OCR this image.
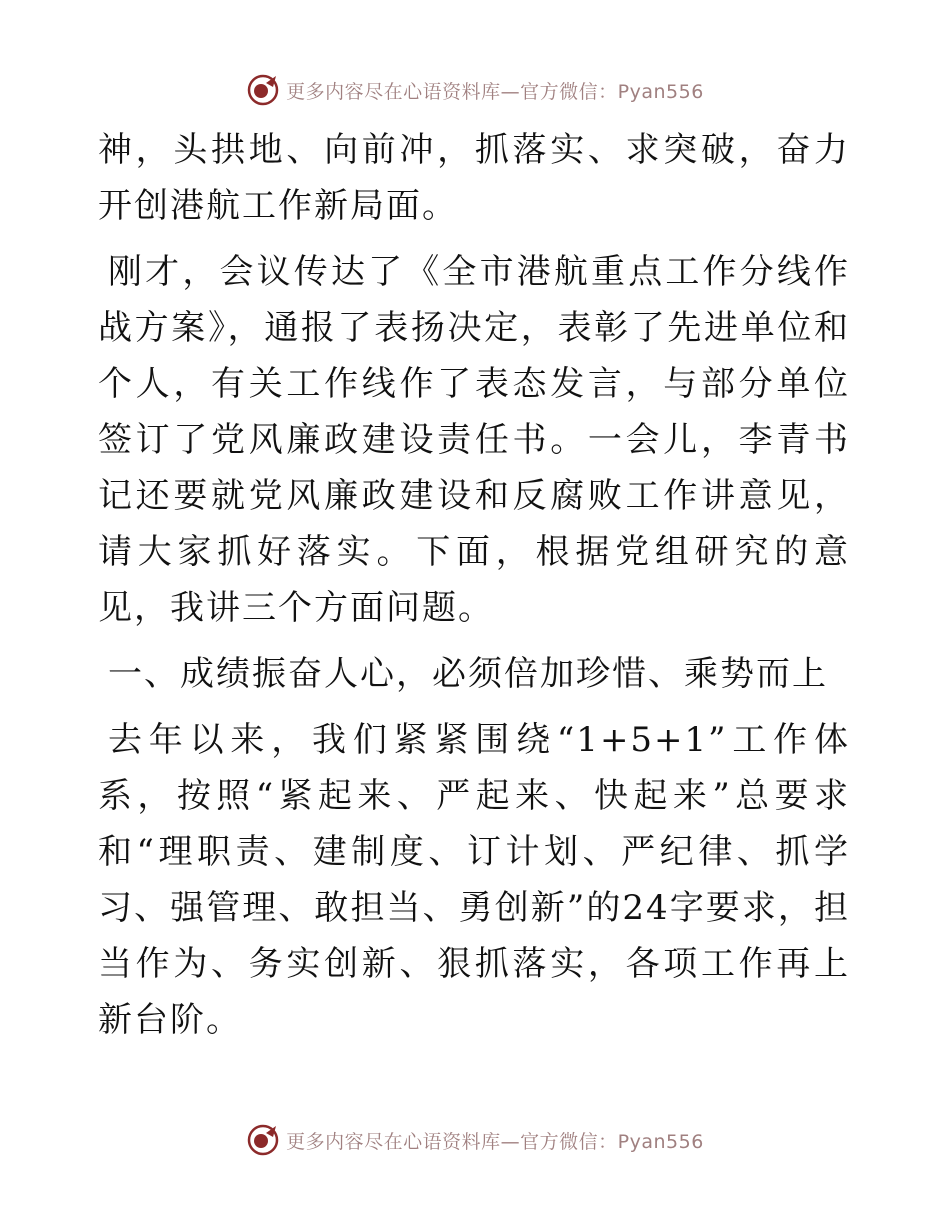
更多内容尽在心语资料库—官方微信：Pyan556

神，头拱地、向前冲，抓落实、求突破，奋力开创港航工作新局面。

刚才，会议传达了《全市港航重点工作分线作战方案》，通报了表扬决定，表彰了先进单位和个人，有关工作线作了表态发言，与部分单位签订了党风廉政建设责任书。一会儿，李青书记还要就党风廉政建设和反腐败工作讲意见，请大家抓好落实。下面，根据党组研究的意见，我讲三个方面问题。

一、成绩振奋人心，必须倍加珍惜、乘势而上

去年以来，我们紧紧围绕“1+5+1”工作体系，按照“紧起来、严起来、快起来”总要求和“理职责、建制度、订计划、严纪律、抓学习、强管理、敢担当、勇创新”的24字要求，担当作为、务实创新、狠抓落实，各项工作再上新台阶。

更多内容尽在心语资料库—官方微信：Pyan556
